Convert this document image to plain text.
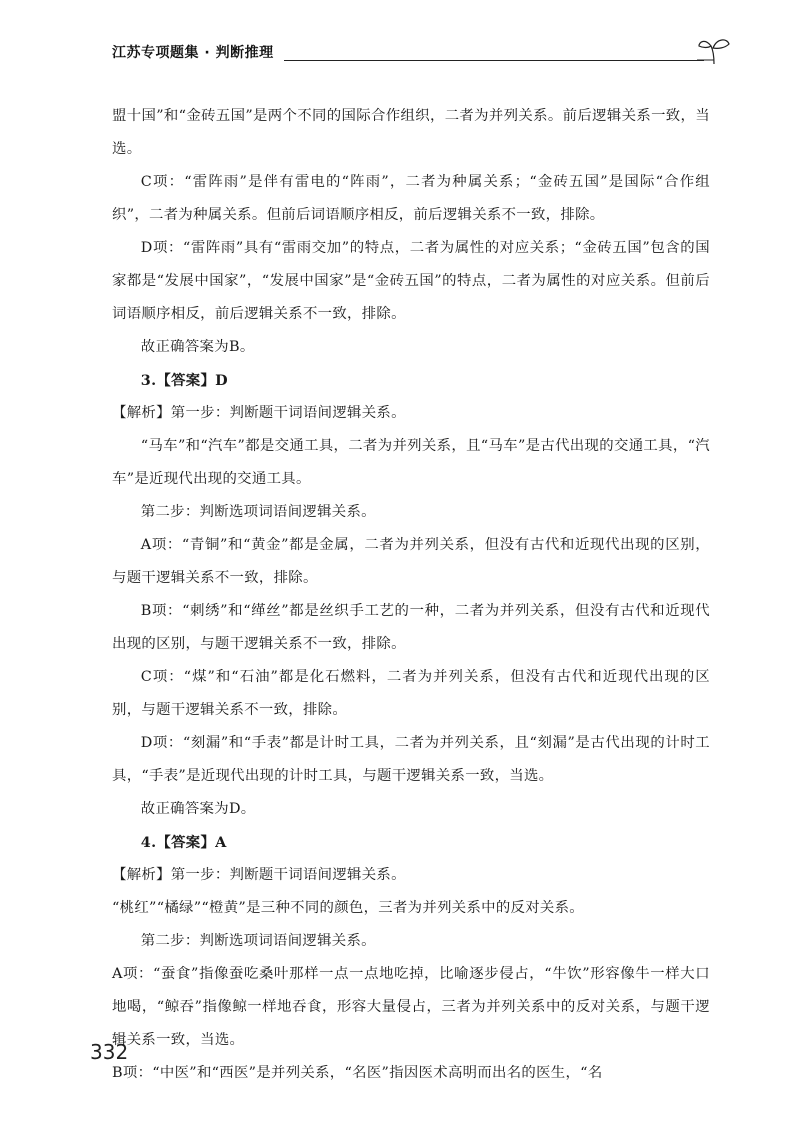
江苏专项题集 · 判断推理

盟十国”和“金砖五国”是两个不同的国际合作组织，二者为并列关系。前后逻辑关系一致，当选。

C项：“雷阵雨”是伴有雷电的“阵雨”，二者为种属关系；“金砖五国”是国际“合作组织”，二者为种属关系。但前后词语顺序相反，前后逻辑关系不一致，排除。

D项：“雷阵雨”具有“雷雨交加”的特点，二者为属性的对应关系；“金砖五国”包含的国家都是“发展中国家”，“发展中国家”是“金砖五国”的特点，二者为属性的对应关系。但前后词语顺序相反，前后逻辑关系不一致，排除。

故正确答案为B。

3.【答案】D

【解析】第一步：判断题干词语间逻辑关系。

“马车”和“汽车”都是交通工具，二者为并列关系，且“马车”是古代出现的交通工具，“汽车”是近现代出现的交通工具。

第二步：判断选项词语间逻辑关系。

A项：“青铜”和“黄金”都是金属，二者为并列关系，但没有古代和近现代出现的区别，与题干逻辑关系不一致，排除。

B项：“刺绣”和“缂丝”都是丝织手工艺的一种，二者为并列关系，但没有古代和近现代出现的区别，与题干逻辑关系不一致，排除。

C项：“煤”和“石油”都是化石燃料，二者为并列关系，但没有古代和近现代出现的区别，与题干逻辑关系不一致，排除。

D项：“刻漏”和“手表”都是计时工具，二者为并列关系，且“刻漏”是古代出现的计时工具，“手表”是近现代出现的计时工具，与题干逻辑关系一致，当选。

故正确答案为D。

4.【答案】A

【解析】第一步：判断题干词语间逻辑关系。

“桃红”“橘绿”“橙黄”是三种不同的颜色，三者为并列关系中的反对关系。

第二步：判断选项词语间逻辑关系。

A项：“蚕食”指像蚕吃桑叶那样一点一点地吃掉，比喻逐步侵占，“牛饮”形容像牛一样大口地喝，“鲸吞”指像鲸一样地吞食，形容大量侵占，三者为并列关系中的反对关系，与题干逻辑关系一致，当选。

B项：“中医”和“西医”是并列关系，“名医”指因医术高明而出名的医生，“名

332
